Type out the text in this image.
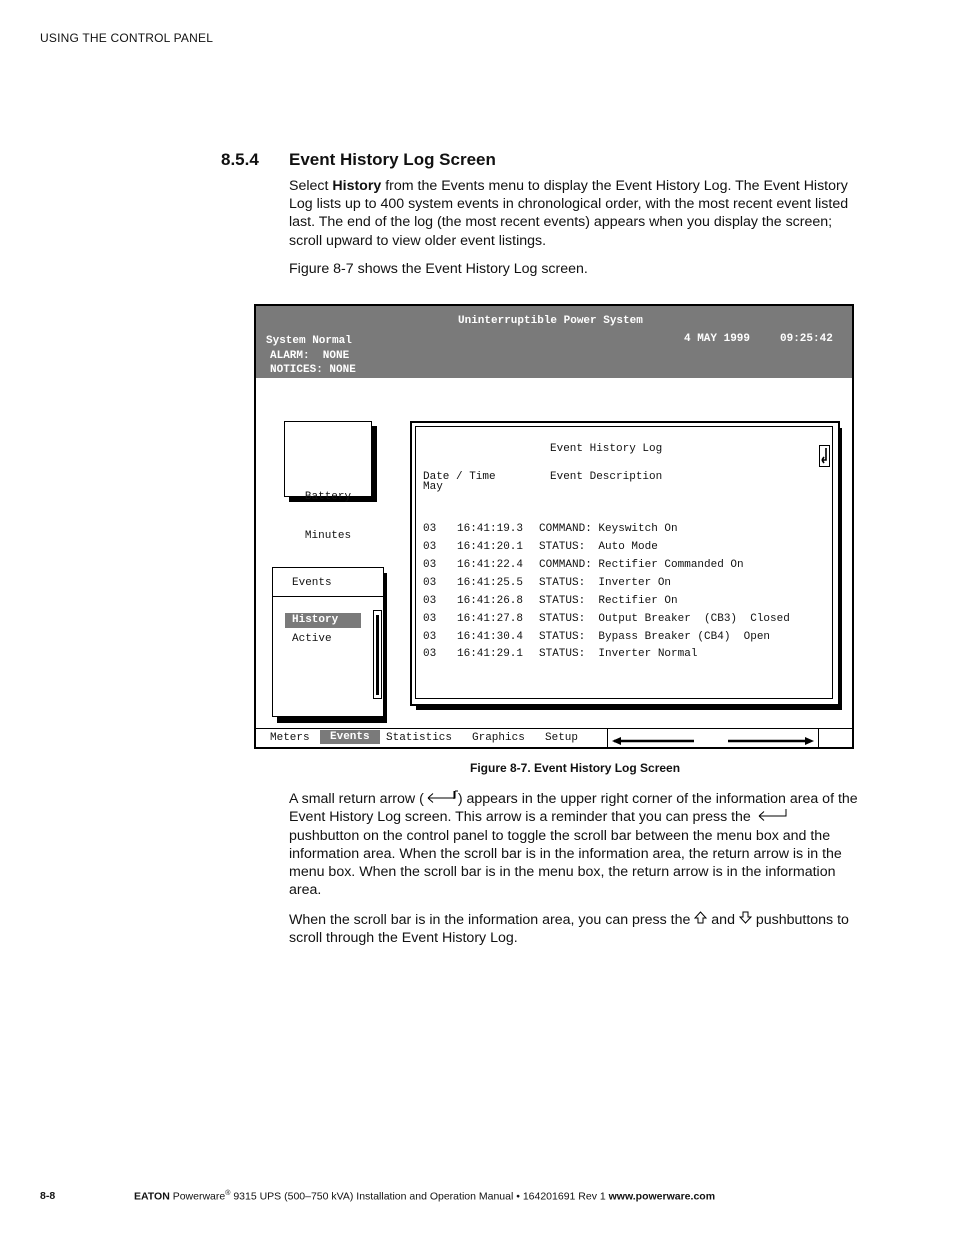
USING THE CONTROL PANEL
8.5.4 Event History Log Screen
Select History from the Events menu to display the Event History Log. The Event History Log lists up to 400 system events in chronological order, with the most recent event listed last. The end of the log (the most recent events) appears when you display the screen; scroll upward to view older event listings.
Figure 8-7 shows the Event History Log screen.
Uninterruptible Power System
System Normal	4 MAY 1999	09:25:42
ALARM:  NONE
NOTICES: NONE

Battery

Minutes

Events
History
Active
Event History Log
Date / Time
May
Event Description
03 16:41:19.3 COMMAND: Keyswitch On
03 16:41:20.1 STATUS:  Auto Mode
03 16:41:22.4 COMMAND: Rectifier Commanded On
03 16:41:25.5 STATUS:  Inverter On
03 16:41:26.8 STATUS:  Rectifier On
03 16:41:27.8 STATUS:  Output Breaker  (CB3)  Closed
03 16:41:30.4 STATUS:  Bypass Breaker (CB4)  Open
03 16:41:29.1 STATUS:  Inverter Normal
Meters	Events	Statistics Graphics Setup
Figure 8-7. Event History Log Screen
A small return arrow ( ) appears in the upper right corner of the information area of the Event History Log screen. This arrow is a reminder that you can press the  pushbutton on the control panel to toggle the scroll bar between the menu box and the information area. When the scroll bar is in the information area, the return arrow is in the menu box. When the scroll bar is in the menu box, the return arrow is in the information area.
When the scroll bar is in the information area, you can press the  and  pushbuttons to scroll through the Event History Log.
8-8	EATON Powerware® 9315 UPS (500–750 kVA) Installation and Operation Manual • 164201691 Rev 1 www.powerware.com
